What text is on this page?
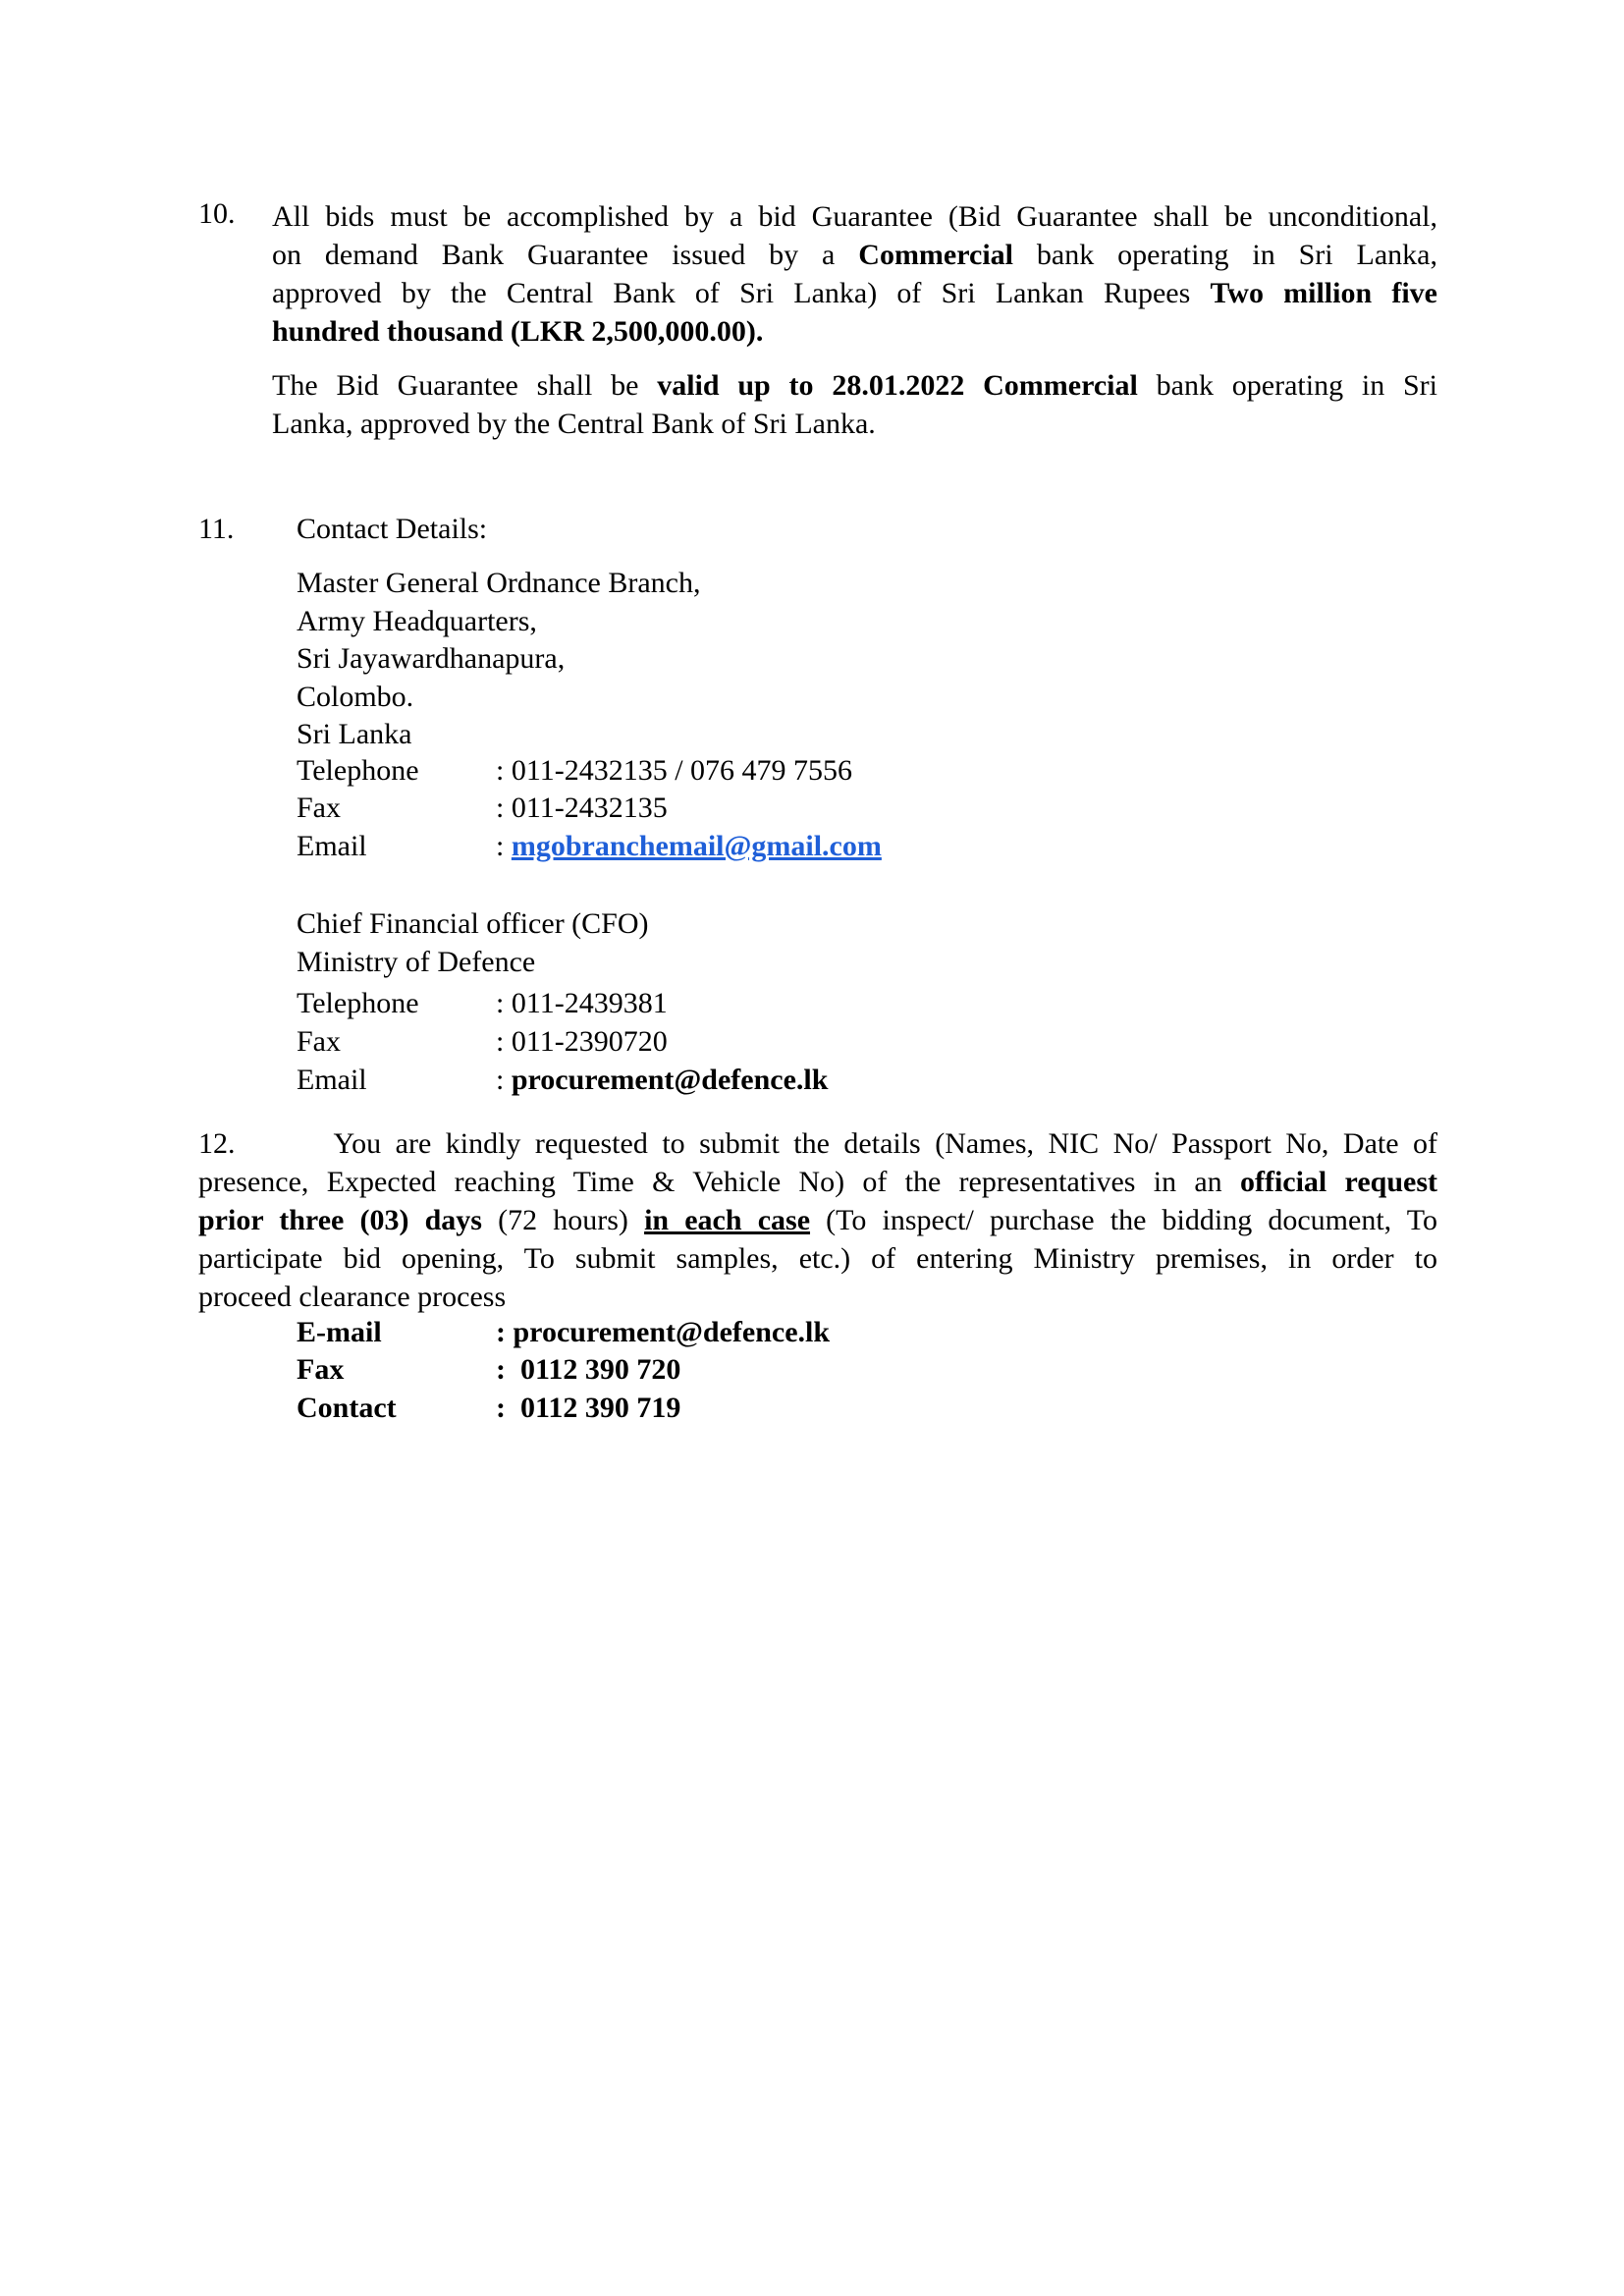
10. All bids must be accomplished by a bid Guarantee (Bid Guarantee shall be unconditional,
on demand Bank Guarantee issued by a Commercial bank operating in Sri Lanka,
approved by the Central Bank of Sri Lanka) of Sri Lankan Rupees Two million five
hundred thousand (LKR 2,500,000.00).
The Bid Guarantee shall be valid up to 28.01.2022 Commercial bank operating in Sri
Lanka, approved by the Central Bank of Sri Lanka.
11. Contact Details:
Master General Ordnance Branch,
Army Headquarters,
Sri Jayawardhanapura,
Colombo.
Sri Lanka
Telephone	: 011-2432135 / 076 479 7556
Fax	: 011-2432135
Email	: mgobranchemail@gmail.com
Chief Financial officer (CFO)
Ministry of Defence
Telephone	: 011-2439381
Fax	: 011-2390720
Email	: procurement@defence.lk
12.	You are kindly requested to submit the details (Names, NIC No/ Passport No, Date of
presence, Expected reaching Time & Vehicle No) of the representatives in an official request
prior three (03) days (72 hours) in each case (To inspect/ purchase the bidding document, To
participate bid opening, To submit samples, etc.) of entering Ministry premises, in order to
proceed clearance process
E-mail	: procurement@defence.lk
Fax	:  0112 390 720
Contact	:  0112 390 719
